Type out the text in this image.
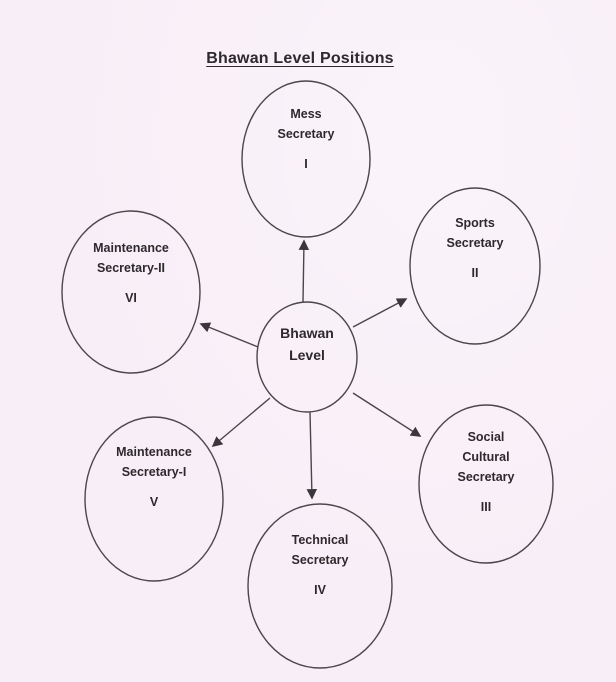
Bhawan Level Positions
Mess
Secretary
I
Sports
Secretary
II
Maintenance
Secretary-II
VI
Bhawan
Level
Social
Cultural
Secretary
III
Maintenance
Secretary-I
V
Technical
Secretary
IV
